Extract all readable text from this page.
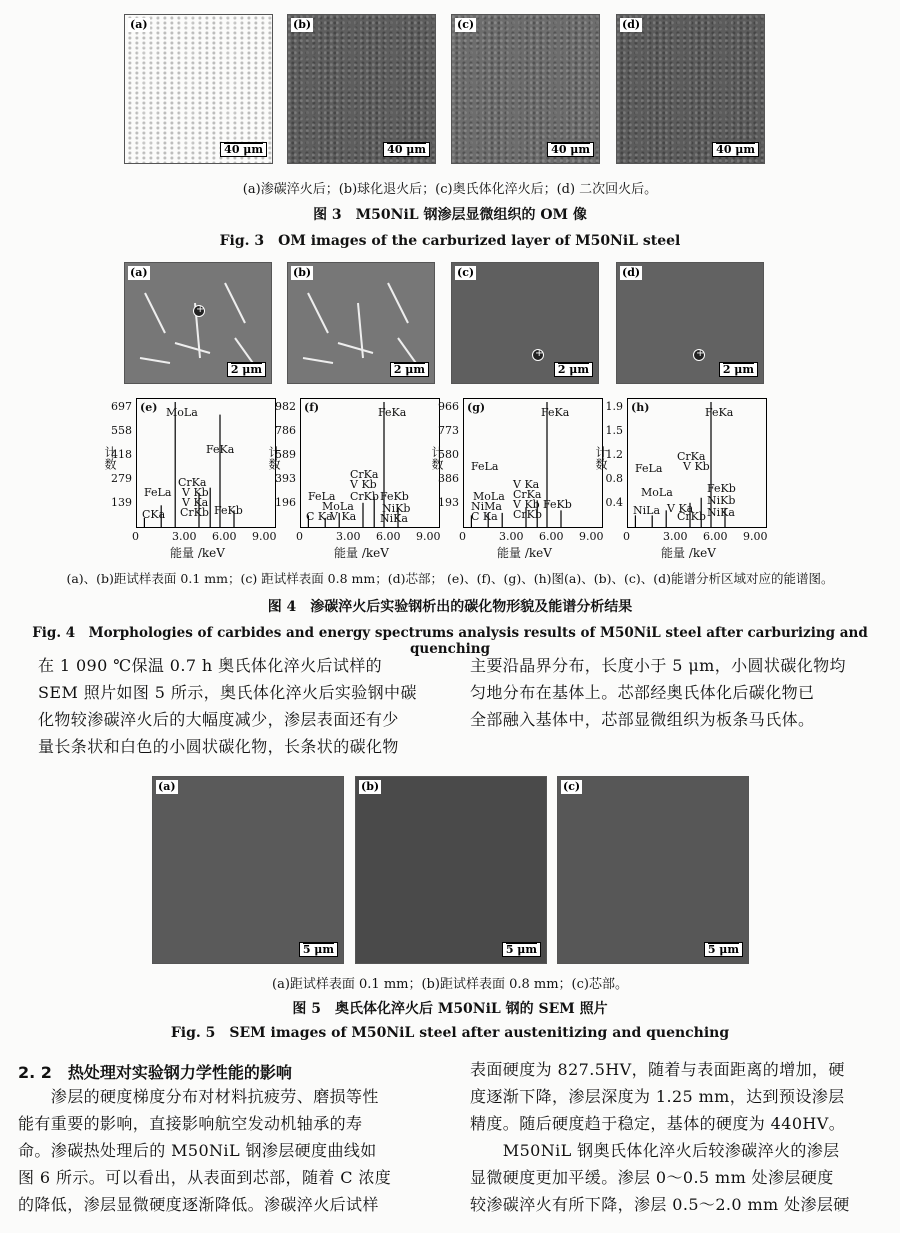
(a)
40 μm
(b)
40 μm
(c)
40 μm
(d)
40 μm
(a)渗碳淬火后；(b)球化退火后；(c)奥氏体化淬火后；(d) 二次回火后。
图 3　M50NiL 钢渗层显微组织的 OM 像
Fig. 3　OM images of the carburized layer of M50NiL steel
(a)
+
2 μm
(b)
2 μm
(c)
+
2 μm
(d)
+
2 μm
(e) MoLa
FeKa
CrKa
V Kb
V Ka
CrKb
FeLa
CKa	FeKb
697
558
418
279
139
计数
0	3.00 6.00 9.00
能量 /keV
(f)	FeKa
CrKa
V Kb
FeLa
MoLa
CrKb
C Ka
V Ka
FeKb
NiKb
NiKa
982
786
589
393
196
计数
0	3.00 6.00 9.00
能量 /keV
(g)	FeKa
FeLa
V Ka
CrKa
MoLa
V Kb
NiMa
CrKb
C Ka
FeKb
966
773
580
386
193
计数
0	3.00 6.00 9.00
能量 /keV
(h)	FeKa
FeLa
CrKa
MoLa
V Kb
V Ka
FeKb
NiKb
NiLa CrKb NiKa
1.9
1.5
1.2
0.8
0.4
计数
0	3.00 6.00 9.00
能量 /keV
(a)、(b)距试样表面 0.1 mm；(c) 距试样表面 0.8 mm；(d)芯部； (e)、(f)、(g)、(h)图(a)、(b)、(c)、(d)能谱分析区域对应的能谱图。
图 4　渗碳淬火后实验钢析出的碳化物形貌及能谱分析结果
Fig. 4　Morphologies of carbides and energy spectrums analysis results of M50NiL steel after carburizing and quenching
在 1 090 ℃保温 0.7 h 奥氏体化淬火后试样的
SEM 照片如图 5 所示，奥氏体化淬火后实验钢中碳
化物较渗碳淬火后的大幅度减少，渗层表面还有少
量长条状和白色的小圆状碳化物，长条状的碳化物
主要沿晶界分布，长度小于 5 μm，小圆状碳化物均
匀地分布在基体上。芯部经奥氏体化后碳化物已
全部融入基体中，芯部显微组织为板条马氏体。
(a)
5 μm
(b)
5 μm
(c)
5 μm
(a)距试样表面 0.1 mm；(b)距试样表面 0.8 mm；(c)芯部。
图 5　奥氏体化淬火后 M50NiL 钢的 SEM 照片
Fig. 5　SEM images of M50NiL steel after austenitizing and quenching
2. 2　热处理对实验钢力学性能的影响
　　渗层的硬度梯度分布对材料抗疲劳、磨损等性
能有重要的影响，直接影响航空发动机轴承的寿
命。渗碳热处理后的 M50NiL 钢渗层硬度曲线如
图 6 所示。可以看出，从表面到芯部，随着 C 浓度
的降低，渗层显微硬度逐渐降低。渗碳淬火后试样
表面硬度为 827.5HV，随着与表面距离的增加，硬
度逐渐下降，渗层深度为 1.25 mm，达到预设渗层
精度。随后硬度趋于稳定，基体的硬度为 440HV。
　　M50NiL 钢奥氏体化淬火后较渗碳淬火的渗层
显微硬度更加平缓。渗层 0～0.5 mm 处渗层硬度
较渗碳淬火有所下降，渗层 0.5～2.0 mm 处渗层硬
